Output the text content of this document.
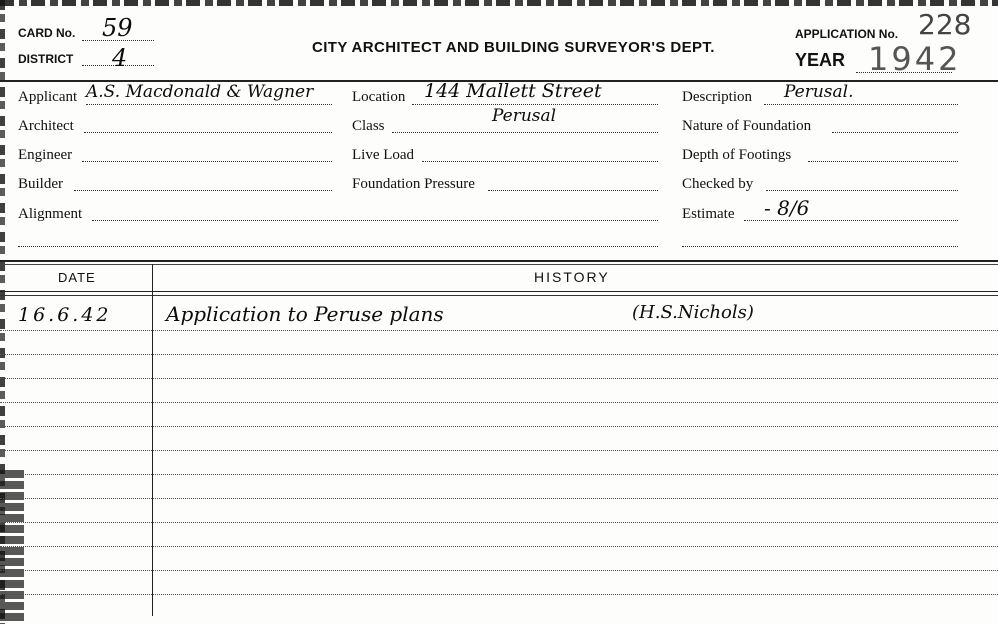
CARD No. 59
DISTRICT 4	CITY ARCHITECT AND BUILDING SURVEYOR'S DEPT.
APPLICATION No. 228
YEAR 1942
Applicant A.S. Macdonald & Wagner
Architect
Engineer
Builder
Alignment
Location 144 Mallett Street
Class	Perusal
Live Load
Foundation Pressure
Description Perusal.
Nature of Foundation
Depth of Footings
Checked by
Estimate - 8/6
DATE	HISTORY
16.6.42	Application to Peruse plans	(H.S.Nichols)
